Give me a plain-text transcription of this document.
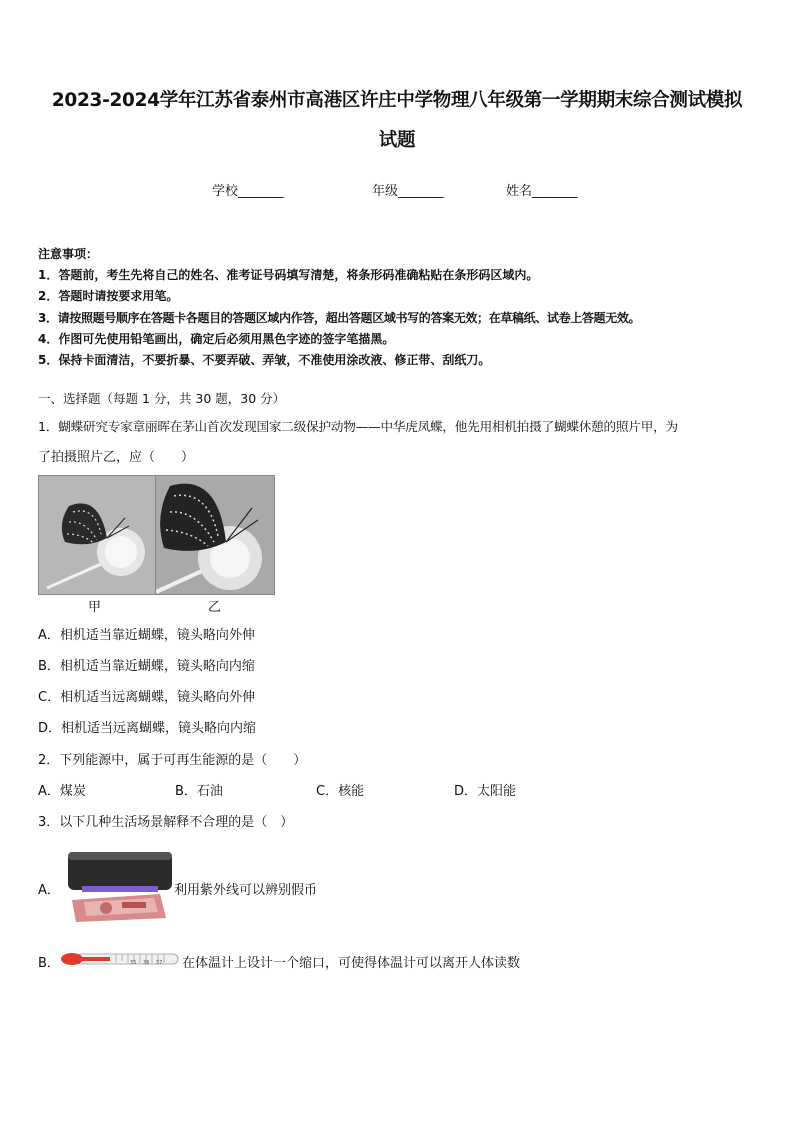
2023-2024学年江苏省泰州市高港区许庄中学物理八年级第一学期期末综合测试模拟
试题
学校_______	年级_______	姓名_______
注意事项：
1．答题前，考生先将自己的姓名、准考证号码填写清楚，将条形码准确粘贴在条形码区域内。
2．答题时请按要求用笔。
3．请按照题号顺序在答题卡各题目的答题区域内作答，超出答题区域书写的答案无效；在草稿纸、试卷上答题无效。
4．作图可先使用铅笔画出，确定后必须用黑色字迹的签字笔描黑。
5．保持卡面清洁，不要折暴、不要弄破、弄皱，不准使用涂改液、修正带、刮纸刀。
一、选择题（每题 1 分，共 30 题，30 分）
1．蝴蝶研究专家章丽晖在茅山首次发现国家二级保护动物——中华虎凤蝶，他先用相机拍摄了蝴蝶休憩的照片甲，为
了拍摄照片乙，应（　　）
甲	乙
A．相机适当靠近蝴蝶，镜头略向外伸
B．相机适当靠近蝴蝶，镜头略向内缩
C．相机适当远离蝴蝶，镜头略向外伸
D．相机适当远离蝴蝶，镜头略向内缩
2．下列能源中，属于可再生能源的是（　　）
A．煤炭	B．石油	C．核能	D．太阳能
3．以下几种生活场景解释不合理的是（　）
A．	利用紫外线可以辨别假币
B．	35 　36 　37 在体温计上设计一个缩口，可使得体温计可以离开人体读数
